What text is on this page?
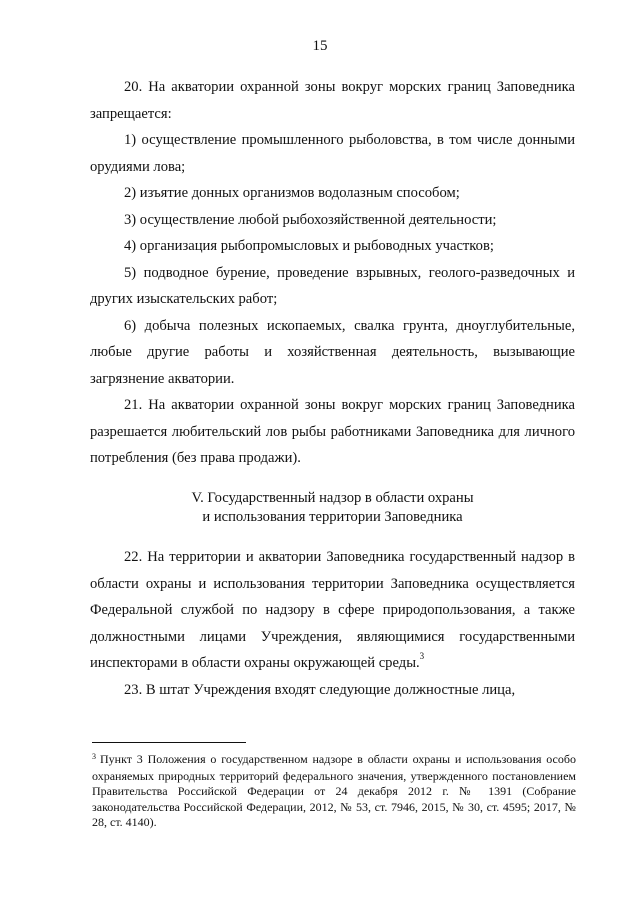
15

20. На акватории охранной зоны вокруг морских границ Заповедника запрещается:

1) осуществление промышленного рыболовства, в том числе донными орудиями лова;

2) изъятие донных организмов водолазным способом;

3) осуществление любой рыбохозяйственной деятельности;

4) организация рыбопромысловых и рыбоводных участков;

5) подводное бурение, проведение взрывных, геолого-разведочных и других изыскательских работ;

6) добыча полезных ископаемых, свалка грунта, дноуглубительные, любые другие работы и хозяйственная деятельность, вызывающие загрязнение акватории.

21. На акватории охранной зоны вокруг морских границ Заповедника разрешается любительский лов рыбы работниками Заповедника для личного потребления (без права продажи).

V. Государственный надзор в области охраны
и использования территории Заповедника

22. На территории и акватории Заповедника государственный надзор в области охраны и использования территории Заповедника осуществляется Федеральной службой по надзору в сфере природопользования, а также должностными лицами Учреждения, являющимися государственными инспекторами в области охраны окружающей среды.$^3$

23. В штат Учреждения входят следующие должностные лица,

$^3$ Пункт 3 Положения о государственном надзоре в области охраны и использования особо охраняемых природных территорий федерального значения, утвержденного постановлением Правительства Российской Федерации от 24 декабря 2012 г. № 1391 (Собрание законодательства Российской Федерации, 2012, № 53, ст. 7946, 2015, № 30, ст. 4595; 2017, № 28, ст. 4140).
